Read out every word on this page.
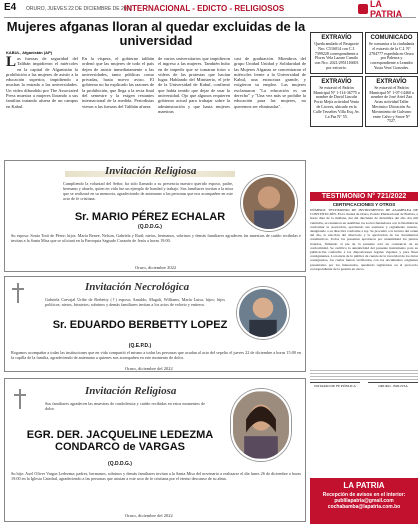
E4 ORURO, JUEVES 22 DE DICIEMBRE DE 2022
INTERNACIONAL - EDICTO - RELIGIOSOS	LA PATRIA
Mujeres afganas lloran al quedar excluidas de la universidad
KABUL, Afganistán (AP)
Las fuerzas de seguridad del Talibán impidieron el miércoles en la capital de Afganistán la prohibición a las mujeres de asistir a la educación superior, impidiendo a muchas la entrada a las universidades. Un video difundido por The Associated Press muestra a mujeres llorando a sus familias tratando afuera de un campus en Kabul.
En la víspera, el gobierno talibán ordenó que las mujeres de todo el país dejen de asistir inmediatamente a las universidades, tanto públicas como privadas, hasta nuevo aviso. El gobierno no ha explicado las razones de la prohibición, que llega a la recta final del semestre y la exigen restantes internacional de la medida. Periodistas vieron a las fuerzas del Talibán afuera.
de varios universitarios que impidieron el ingreso a las mujeres. También hubo en de impedir que se tomaran fotos o videos de las protestas que hacían lugar. Hablando del Ministerio, el jefe de la Universidad de Kabul, confirmó que había tenido que dejar de usar la universidad. Ojo que algunos requieren gobierno actual para trabajar sobre la administración y que hasta mujeres maestras
casi de graduación. Miembros del grupo Unidad Unidad y Solidaridad de las Mujeres Afganas se concentraron el miércoles frente a la Universidad de Kabul, una estructura grande, y exigieron su empleo. Las mujeres exclamaron "La educación es un derecho" y "Una vez más se prohíbe la educación para las mujeres, no queremos ser eliminadas".
EXTRAVÍO

Queda anulado el Pasaporte Nro. C516014 con C.I. 7399228 correspondiente a Flores Vela Lazaro Camilo con Nro. 2021/2951116603 por extravío.

COMUNICADO

Se comunica a la ciudadanía el extravío de la C.I. N° 2784777 expedida en Oruro por Palenca y correspondiente a Leandro Yusta Vera/ Gonzales.

EXTRAVÍO

Se extravió el Padrón Municipal N° 1-114-36775 a nombre de David Lincoln Porto Mejía actividad Venta de Licores, ubicado en la Calle Tesseltes Villa Esq. Av. La Paz N° 55.

EXTRAVÍO

Se extravió el Padrón Municipal N° 1-07-14460 a nombre de José Ariel Zaa Arias actividad Taller Mecánico Ubicación Av. Movimiento de Galvarro entre Calvo y Sucre N° 7527.

TESTIMONIO N° 721/2022
CERTIFICACIONES Y OTROS
NÚMERO: TESTIMONIO DE INSTRUMENTO DE ASAMBLEA DE CONSTITUCIÓN. En la ciudad de Oruro, Estado Plurinacional de Bolivia, a horas diez de la mañana, del día diecisiete de diciembre del año dos mil veintidós, se reunieron en asamblea los socios fundadores con la finalidad de conformar la asociación, aprobando sus estatutos y reglamento interno, designando a su directiva conforme a ley. Se procedió a la lectura del orden del día, la elección del directorio y la aprobación de los documentos constitutivos. Todos los presentes aprobaron por unanimidad los puntos tratados, firmando al pie de la presente acta en constancia de su conformidad. Se certifica la autenticidad del presente instrumento para su publicación conforme a las disposiciones legales vigentes y para fines consiguientes. La notaría de fe pública da cuenta de la veracidad de los datos consignados, los cuales fueron verificados con los documentos originales presentados por los interesados, quedando registrados en el protocolo correspondiente de la gestión en curso.
NOTARIO DE FE PÚBLICA	ORURO - BOLIVIA
LA PATRIA
Recepción de avisos en el interior:
publilapatria@gmail.com
cochabamba@lapatria.com.bo
Invitación Religiosa
Cumpliendo la voluntad del Señor, ha sido llamado a su presencia nuestro querido esposo, padre, hermano y abuelo, quien en vida fue un ejemplo de bondad y trabajo. Sus familiares invitan a la misa que se realizará en su memoria, agradeciendo de antemano a las personas que nos acompañen en este acto de fe cristiana.
Sr. MARIO PÉREZ ECHALAR
(Q.D.D.G.)
Su esposa: Sonia Totti de Pérez; hijos: María Renee, Nelson, Gabriela y Raúl; nietos, hermanos, sobrinos y demás familiares agradecen las muestras de cariño recibidas e invitan a la Santa Misa que se oficiará en la Parroquia Sagrado Corazón de Jesús a horas 19:00.
Oruro, diciembre 2022
Invitación Necrológica
Gabriela Carvajal Uribe de Berbetty (†) esposa; Arnaldo, Magali, Williams, María Luisa, hijos; hijos políticos; nietos, bisnietos; sobrinos y demás familiares invitan a los actos de velorio y entierro.
Sr. EDUARDO BERBETTY LOPEZ
(Q.E.P.D.)
Rogamos acompañar a todas las instituciones que en vida compartió el mismo a todas las personas que acudan al acto del sepelio el jueves 22 de diciembre a horas 15:00 en la capilla de la familia, agradeciendo de antemano a quienes nos acompañen en este momento de dolor.
Oruro, diciembre del 2022
Invitación Religiosa
Sus familiares agradecen las muestras de condolencia y cariño recibidas en estos momentos de dolor.
EGR. DER. JACQUELINE LEDEZMA CONDARCO de VARGAS
(Q.D.D.G.)
Su hijo: Axel Oliver Vargas Ledezma; padres, hermanos, sobrinos y demás familiares invitan a la Santa Misa del novenario a realizarse el día lunes 26 de diciembre a horas 19:00 en la Iglesia Catedral, agradeciendo a las personas que asistan a este acto de fe cristiana por el eterno descanso de su alma.
Oruro, diciembre del 2022
